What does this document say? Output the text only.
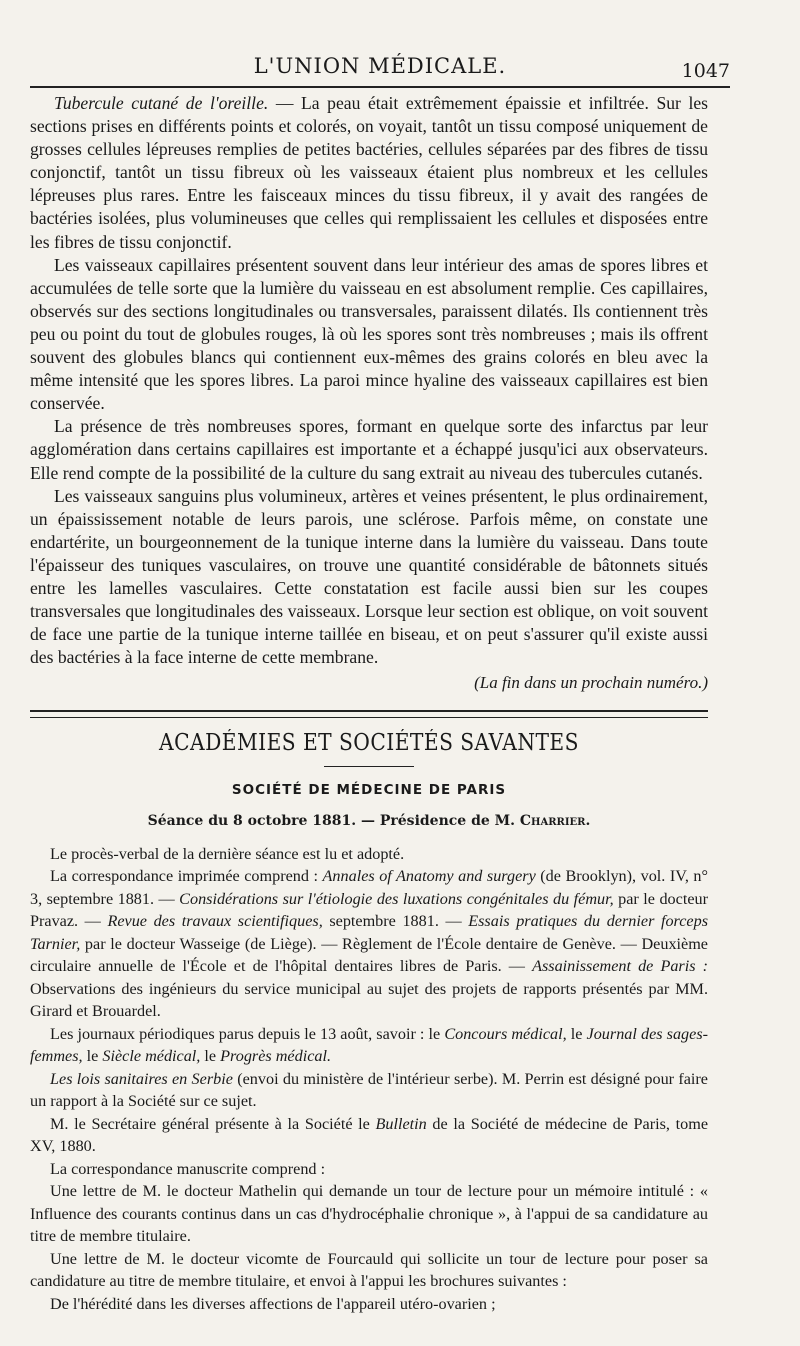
L'UNION MÉDICALE.	1047

Tubercule cutané de l'oreille. — La peau était extrêmement épaissie et infiltrée. Sur les sections prises en différents points et colorés, on voyait, tantôt un tissu composé uniquement de grosses cellules lépreuses remplies de petites bactéries, cellules séparées par des fibres de tissu conjonctif, tantôt un tissu fibreux où les vaisseaux étaient plus nombreux et les cellules lépreuses plus rares. Entre les faisceaux minces du tissu fibreux, il y avait des rangées de bactéries isolées, plus volumineuses que celles qui remplissaient les cellules et disposées entre les fibres de tissu conjonctif.

Les vaisseaux capillaires présentent souvent dans leur intérieur des amas de spores libres et accumulées de telle sorte que la lumière du vaisseau en est absolument remplie. Ces capillaires, observés sur des sections longitudinales ou transversales, paraissent dilatés. Ils contiennent très peu ou point du tout de globules rouges, là où les spores sont très nombreuses ; mais ils offrent souvent des globules blancs qui contiennent eux-mêmes des grains colorés en bleu avec la même intensité que les spores libres. La paroi mince hyaline des vaisseaux capillaires est bien conservée.

La présence de très nombreuses spores, formant en quelque sorte des infarctus par leur agglomération dans certains capillaires est importante et a échappé jusqu'ici aux observateurs. Elle rend compte de la possibilité de la culture du sang extrait au niveau des tubercules cutanés.

Les vaisseaux sanguins plus volumineux, artères et veines présentent, le plus ordinairement, un épaississement notable de leurs parois, une sclérose. Parfois même, on constate une endartérite, un bourgeonnement de la tunique interne dans la lumière du vaisseau. Dans toute l'épaisseur des tuniques vasculaires, on trouve une quantité considérable de bâtonnets situés entre les lamelles vasculaires. Cette constatation est facile aussi bien sur les coupes transversales que longitudinales des vaisseaux. Lorsque leur section est oblique, on voit souvent de face une partie de la tunique interne taillée en biseau, et on peut s'assurer qu'il existe aussi des bactéries à la face interne de cette membrane.

(La fin dans un prochain numéro.)

ACADÉMIES ET SOCIÉTÉS SAVANTES
SOCIÉTÉ DE MÉDECINE DE PARIS
Séance du 8 octobre 1881. — Présidence de M. Charrier.

Le procès-verbal de la dernière séance est lu et adopté.

La correspondance imprimée comprend : Annales of Anatomy and surgery (de Brooklyn), vol. IV, n° 3, septembre 1881. — Considérations sur l'étiologie des luxations congénitales du fémur, par le docteur Pravaz. — Revue des travaux scientifiques, septembre 1881. — Essais pratiques du dernier forceps Tarnier, par le docteur Wasseige (de Liège). — Règlement de l'École dentaire de Genève. — Deuxième circulaire annuelle de l'École et de l'hôpital dentaires libres de Paris. — Assainissement de Paris : Observations des ingénieurs du service municipal au sujet des projets de rapports présentés par MM. Girard et Brouardel.

Les journaux périodiques parus depuis le 13 août, savoir : le Concours médical, le Journal des sages-femmes, le Siècle médical, le Progrès médical.

Les lois sanitaires en Serbie (envoi du ministère de l'intérieur serbe). M. Perrin est désigné pour faire un rapport à la Société sur ce sujet.

M. le Secrétaire général présente à la Société le Bulletin de la Société de médecine de Paris, tome XV, 1880.

La correspondance manuscrite comprend :

Une lettre de M. le docteur Mathelin qui demande un tour de lecture pour un mémoire intitulé : « Influence des courants continus dans un cas d'hydrocéphalie chronique », à l'appui de sa candidature au titre de membre titulaire.

Une lettre de M. le docteur vicomte de Fourcauld qui sollicite un tour de lecture pour poser sa candidature au titre de membre titulaire, et envoi à l'appui les brochures suivantes :

De l'hérédité dans les diverses affections de l'appareil utéro-ovarien ;
